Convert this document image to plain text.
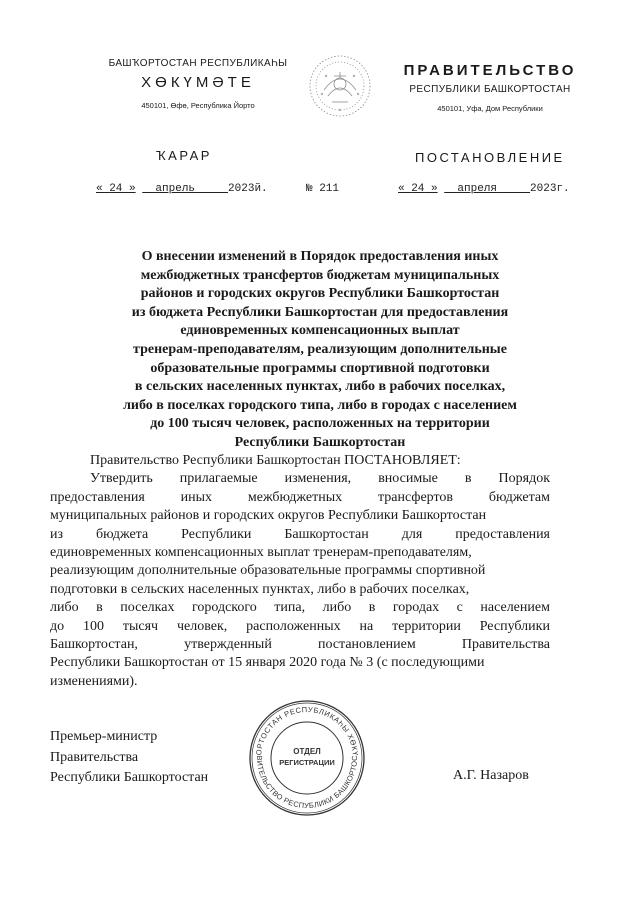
БАШҠОРТОСТАН РЕСПУБЛИКАҺЫ
ХӨКҮМӘТЕ
450101, Өфө, Республика Йорто
ПРАВИТЕЛЬСТВО
РЕСПУБЛИКИ БАШКОРТОСТАН
450101, Уфа, Дом Республики
ҠАРАР	ПОСТАНОВЛЕНИЕ
« 24 » апрель	2023й.	№ 211	« 24 » апреля	2023г.
О внесении изменений в Порядок предоставления иных
межбюджетных трансфертов бюджетам муниципальных
районов и городских округов Республики Башкортостан
из бюджета Республики Башкортостан для предоставления
единовременных компенсационных выплат
тренерам-преподавателям, реализующим дополнительные
образовательные программы спортивной подготовки
в сельских населенных пунктах, либо в рабочих поселках,
либо в поселках городского типа, либо в городах с населением
до 100 тысяч человек, расположенных на территории
Республики Башкортостан
Правительство Республики Башкортостан ПОСТАНОВЛЯЕТ:
Утвердить прилагаемые изменения, вносимые в Порядок
предоставления	иных	межбюджетных	трансфертов	бюджетам
муниципальных районов и городских округов Республики Башкортостан
из бюджета Республики Башкортостан для предоставления
единовременных компенсационных выплат тренерам-преподавателям,
реализующим дополнительные образовательные программы спортивной
подготовки в сельских населенных пунктах, либо в рабочих поселках,
либо в поселках городского типа, либо в городах с населением
до 100 тысяч человек, расположенных на территории Республики
Башкортостан,	утвержденный	постановлением	Правительства
Республики Башкортостан от 15 января 2020 года № 3 (с последующими
изменениями).
Премьер-министр
Правительства
Республики Башкортостан	А.Г. Назаров
ОРТОСТАН РЕСПУБЛИКАҺЫ ХӨКҮ
ВИТЕЛЬСТВО РЕСПУБЛИКИ БАШКОРТОС
ОТДЕЛ
РЕГИСТРАЦИИ
